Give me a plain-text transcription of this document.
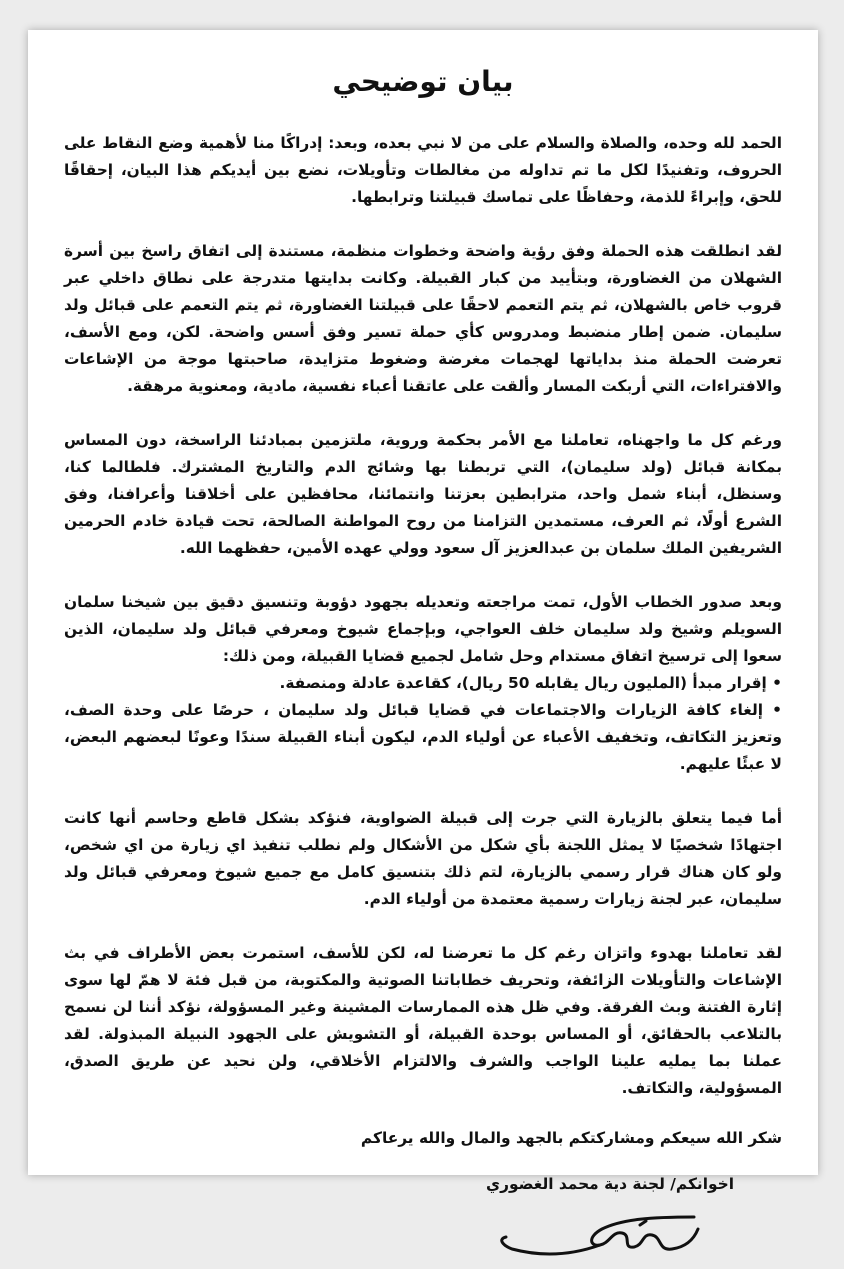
بيان توضيحي

الحمد لله وحده، والصلاة والسلام على من لا نبي بعده، وبعد: إدراكًا منا لأهمية وضع النقاط على الحروف، وتفنيدًا لكل ما تم تداوله من مغالطات وتأويلات، نضع بين أيديكم هذا البيان، إحقاقًا للحق، وإبراءً للذمة، وحفاظًا على تماسك قبيلتنا وترابطها.

لقد انطلقت هذه الحملة وفق رؤية واضحة وخطوات منظمة، مستندة إلى اتفاق راسخ بين أسرة الشهلان من الغضاورة، وبتأييد من كبار القبيلة. وكانت بدايتها متدرجة على نطاق داخلي عبر قروب خاص بالشهلان، ثم يتم التعمم لاحقًا على قبيلتنا الغضاورة، ثم يتم التعمم على قبائل ولد سليمان. ضمن إطار منضبط ومدروس كأي حملة تسير وفق أسس واضحة. لكن، ومع الأسف، تعرضت الحملة منذ بداياتها لهجمات مغرضة وضغوط متزايدة، صاحبتها موجة من الإشاعات والافتراءات، التي أربكت المسار وألقت على عاتقنا أعباء نفسية، مادية، ومعنوية مرهقة.

ورغم كل ما واجهناه، تعاملنا مع الأمر بحكمة وروية، ملتزمين بمبادئنا الراسخة، دون المساس بمكانة قبائل (ولد سليمان)، التي تربطنا بها وشائج الدم والتاريخ المشترك. فلطالما كنا، وسنظل، أبناء شمل واحد، مترابطين بعزتنا وانتمائنا، محافظين على أخلاقنا وأعرافنا، وفق الشرع أولًا، ثم العرف، مستمدين التزامنا من روح المواطنة الصالحة، تحت قيادة خادم الحرمين الشريفين الملك سلمان بن عبدالعزيز آل سعود وولي عهده الأمين، حفظهما الله.

وبعد صدور الخطاب الأول، تمت مراجعته وتعديله بجهود دؤوبة وتنسيق دقيق بين شيخنا سلمان السويلم وشيخ ولد سليمان خلف العواجي، وبإجماع شيوخ ومعرفي قبائل ولد سليمان، الذين سعوا إلى ترسيخ اتفاق مستدام وحل شامل لجميع قضايا القبيلة، ومن ذلك:
• إقرار مبدأ (المليون ريال يقابله 50 ريال)، كقاعدة عادلة ومنصفة.
• إلغاء كافة الزيارات والاجتماعات في قضايا قبائل ولد سليمان ، حرصًا على وحدة الصف، وتعزيز التكاتف، وتخفيف الأعباء عن أولياء الدم، ليكون أبناء القبيلة سندًا وعونًا لبعضهم البعض، لا عبئًا عليهم.

أما فيما يتعلق بالزيارة التي جرت إلى قبيلة الضواوية، فنؤكد بشكل قاطع وحاسم أنها كانت اجتهادًا شخصيًا لا يمثل اللجنة بأي شكل من الأشكال ولم نطلب تنفيذ اي زيارة من اي شخص، ولو كان هناك قرار رسمي بالزيارة، لتم ذلك بتنسيق كامل مع جميع شيوخ ومعرفي قبائل ولد سليمان، عبر لجنة زيارات رسمية معتمدة من أولياء الدم.

لقد تعاملنا بهدوء واتزان رغم كل ما تعرضنا له، لكن للأسف، استمرت بعض الأطراف في بث الإشاعات والتأويلات الزائفة، وتحريف خطاباتنا الصوتية والمكتوبة، من قبل فئة لا همّ لها سوى إثارة الفتنة وبث الفرقة. وفي ظل هذه الممارسات المشينة وغير المسؤولة، نؤكد أننا لن نسمح بالتلاعب بالحقائق، أو المساس بوحدة القبيلة، أو التشويش على الجهود النبيلة المبذولة. لقد عملنا بما يمليه علينا الواجب والشرف والالتزام الأخلاقي، ولن نحيد عن طريق الصدق، المسؤولية، والتكاتف.

شكر الله سيعكم ومشاركتكم بالجهد والمال والله يرعاكم

اخوانكم/ لجنة دية محمد الغضوري
